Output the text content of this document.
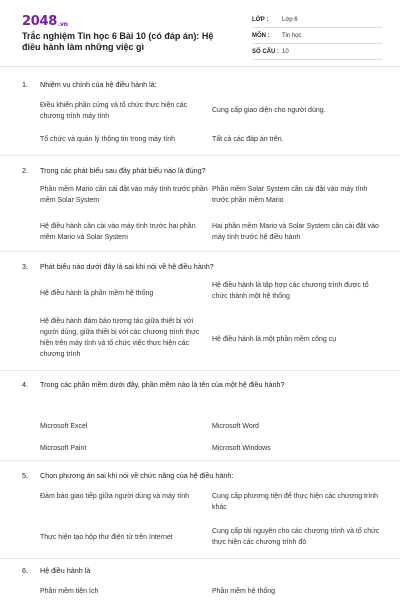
$2048_{.vn}$
Trắc nghiệm Tin học 6 Bài 10 (có đáp án): Hệ điều hành làm những việc gì
LỚP :	Lớp 6
MÔN :	Tin học
SỐ CÂU : 10
1. Nhiệm vụ chính của hệ điều hành là:
Điều khiển phần cứng và tổ chức thực hiện các chương trình máy tính
Cung cấp giao diện cho người dùng.
Tổ chức và quản lý thông tin trong máy tính	Tất cả các đáp án trên.
2. Trong các phát biểu sau đây phát biểu nào là đúng?
Phần mềm Mario cần cài đặt vào máy tính trước phần mềm Solar System
Phần mềm Solar System cần cài đặt vào máy tính trước phần mềm Mario
Hệ điều hành cần cài vào máy tính trước hai phần mềm Mario và Solar System
Hai phần mềm Mario và Solar System cần cài đặt vào máy tính trước hệ điều hành
3. Phát biểu nào dưới đây là sai khi nói về hệ điều hành?
Hệ điều hành là phần mềm hệ thống
Hệ điều hành là tập hợp các chương trình được tổ chức thành một hệ thống
Hệ điều hành đảm bảo tương tác giữa thiết bị với người dùng, giữa thiết bị với các chương trình thực hiện trên máy tính và tổ chức việc thực hiện các chương trình
Hệ điều hành là một phần mềm công cụ
4. Trong các phần mềm dưới đây, phần mềm nào là tên của một hệ điều hành?
Microsoft Excel	Microsoft Word
Microsoft Paint	Microsoft Windows
5. Chọn phương án sai khi nói về chức năng của hệ điều hành:
Đảm bảo giao tiếp giữa người dùng và máy tính	Cung cấp phương tiện để thực hiện các chương trình khác
Thực hiện tạo hộp thư điện tử trên Internet
Cung cấp tài nguyên cho các chương trình và tổ chức thực hiện các chương trình đó
6. Hệ điều hành là
Phần mềm tiện ích	Phần mềm hệ thống
